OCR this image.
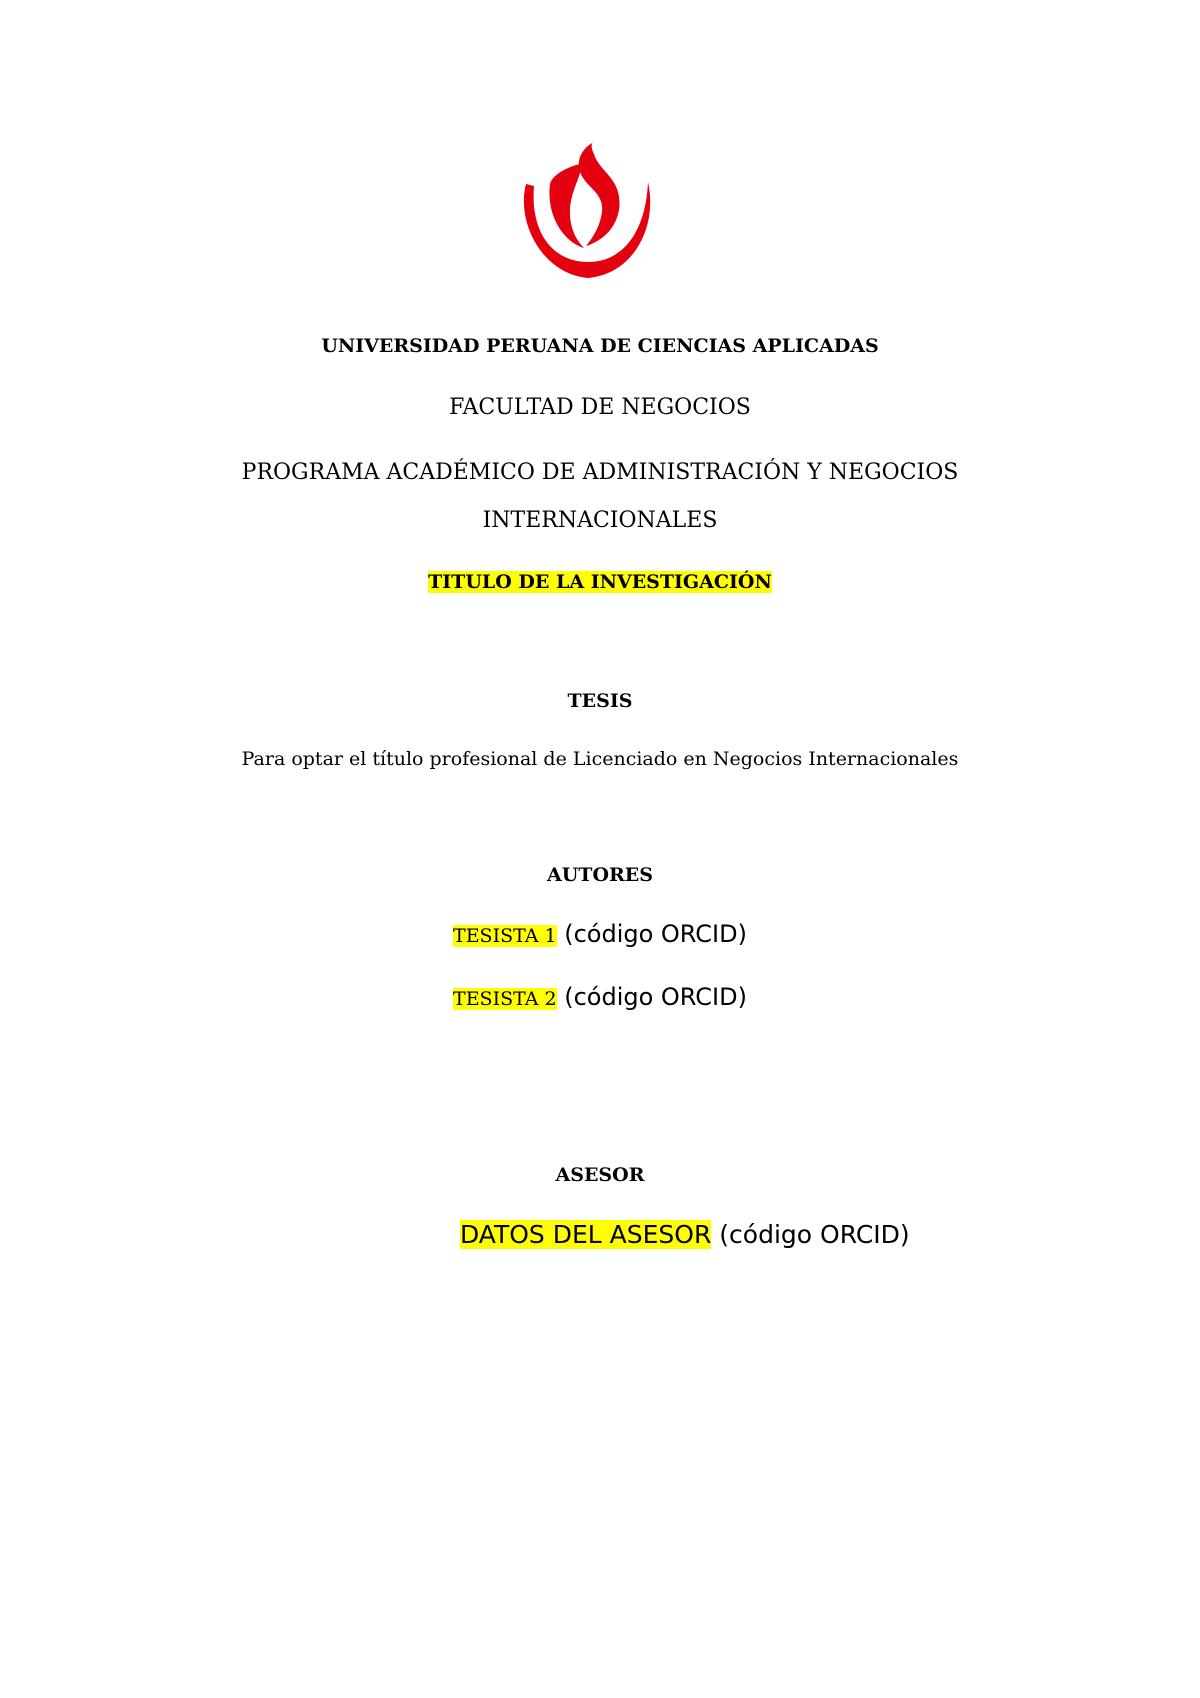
UNIVERSIDAD PERUANA DE CIENCIAS APLICADAS
FACULTAD DE NEGOCIOS
PROGRAMA ACADÉMICO DE ADMINISTRACIÓN Y NEGOCIOS
INTERNACIONALES
TITULO DE LA INVESTIGACIÓN
TESIS
Para optar el título profesional de Licenciado en Negocios Internacionales
AUTORES
TESISTA 1 (código ORCID)
TESISTA 2 (código ORCID)
ASESOR
DATOS DEL ASESOR (código ORCID)
